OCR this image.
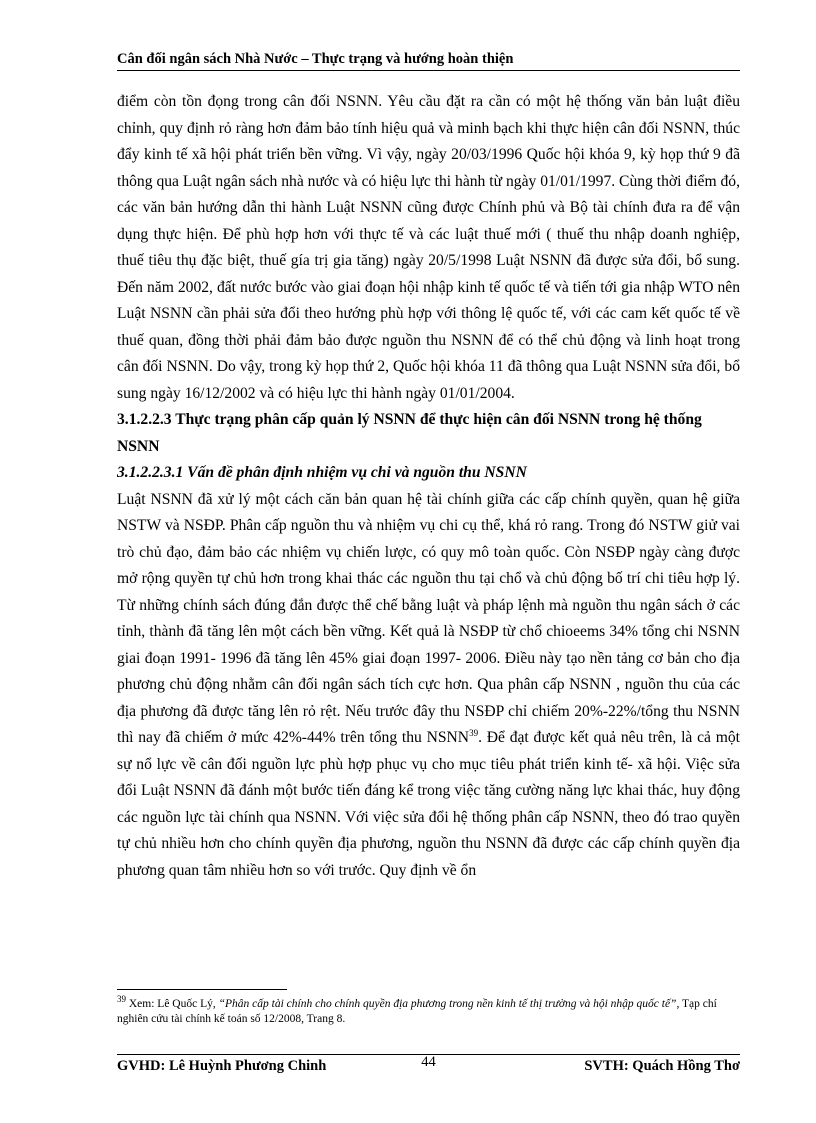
Cân đối ngân sách Nhà Nước – Thực trạng và hướng hoàn thiện

điểm còn tồn đọng trong cân đối NSNN. Yêu cầu đặt ra cần có một hệ thống văn bản luật điều chỉnh, quy định rỏ ràng hơn đảm bảo tính hiệu quả và minh bạch khi thực hiện cân đối NSNN, thúc đẩy kinh tế xã hội phát triển bền vững. Vì vậy, ngày 20/03/1996 Quốc hội khóa 9, kỳ họp thứ 9 đã thông qua Luật ngân sách nhà nước và có hiệu lực thi hành từ ngày 01/01/1997. Cùng thời điểm đó, các văn bản hướng dẫn thi hành Luật NSNN cũng được Chính phủ và Bộ tài chính đưa ra để vận dụng thực hiện. Để phù hợp hơn với thực tế và các luật thuế mới ( thuế thu nhập doanh nghiệp, thuế tiêu thụ đặc biệt, thuế gía trị gia tăng) ngày 20/5/1998 Luật NSNN đã được sửa đổi, bổ sung. Đến năm 2002, đất nước bước vào giai đoạn hội nhập kinh tế quốc tế và tiến tới gia nhập WTO nên Luật NSNN cần phải sửa đổi theo hướng phù hợp với thông lệ quốc tế, với các cam kết quốc tế về thuế quan, đồng thời phải đảm bảo được nguồn thu NSNN để có thể chủ động và linh hoạt trong cân đối NSNN. Do vậy, trong kỳ họp thứ 2, Quốc hội khóa 11 đã thông qua Luật NSNN sửa đổi, bổ sung ngày 16/12/2002 và có hiệu lực thi hành ngày 01/01/2004.

3.1.2.2.3 Thực trạng phân cấp quản lý NSNN để thực hiện cân đối NSNN trong hệ thống NSNN

3.1.2.2.3.1 Vấn đề phân định nhiệm vụ chi và nguồn thu NSNN

Luật NSNN đã xử lý một cách căn bản quan hệ tài chính giữa các cấp chính quyền, quan hệ giữa NSTW và NSĐP. Phân cấp nguồn thu và nhiệm vụ chi cụ thể, khá rỏ rang. Trong đó NSTW giử vai trò chủ đạo, đảm bảo các nhiệm vụ chiến lược, có quy mô toàn quốc. Còn NSĐP ngày càng được mở rộng quyền tự chủ hơn trong khai thác các nguồn thu tại chổ và chủ động bố trí chi tiêu hợp lý. Từ những chính sách đúng đắn được thể chế bằng luật và pháp lệnh mà nguồn thu ngân sách ở các tỉnh, thành đã tăng lên một cách bền vững. Kết quả là NSĐP từ chổ chioeems 34% tổng chi NSNN giai đoạn 1991- 1996 đã tăng lên 45% giai đoạn 1997- 2006. Điều này tạo nền tảng cơ bản cho địa phương chủ động nhằm cân đối ngân sách tích cực hơn. Qua phân cấp NSNN , nguồn thu của các địa phương đã được tăng lên rỏ rệt. Nếu trước đây thu NSĐP chỉ chiếm 20%-22%/tổng thu NSNN thì nay đã chiếm ở mức 42%-44% trên tổng thu NSNN$^{39}$. Để đạt được kết quả nêu trên, là cả một sự nổ lực về cân đối nguồn lực phù hợp phục vụ cho mục tiêu phát triển kinh tế- xã hội. Việc sửa đổi Luật NSNN đã đánh một bước tiến đáng kể trong việc tăng cường năng lực khai thác, huy động các nguồn lực tài chính qua NSNN. Với việc sửa đổi hệ thống phân cấp NSNN, theo đó trao quyền tự chủ nhiều hơn cho chính quyền địa phương, nguồn thu NSNN đã được các cấp chính quyền địa phương quan tâm nhiều hơn so với trước. Quy định về ổn

$^{39}$ Xem: Lê Quốc Lý, “Phân cấp tài chính cho chính quyền địa phương trong nền kinh tế thị trường và hội nhập quốc tế”, Tạp chí nghiên cứu tài chính kế toán số 12/2008, Trang 8.
GVHD: Lê Huỳnh Phương Chinh	44	SVTH: Quách Hồng Thơ
